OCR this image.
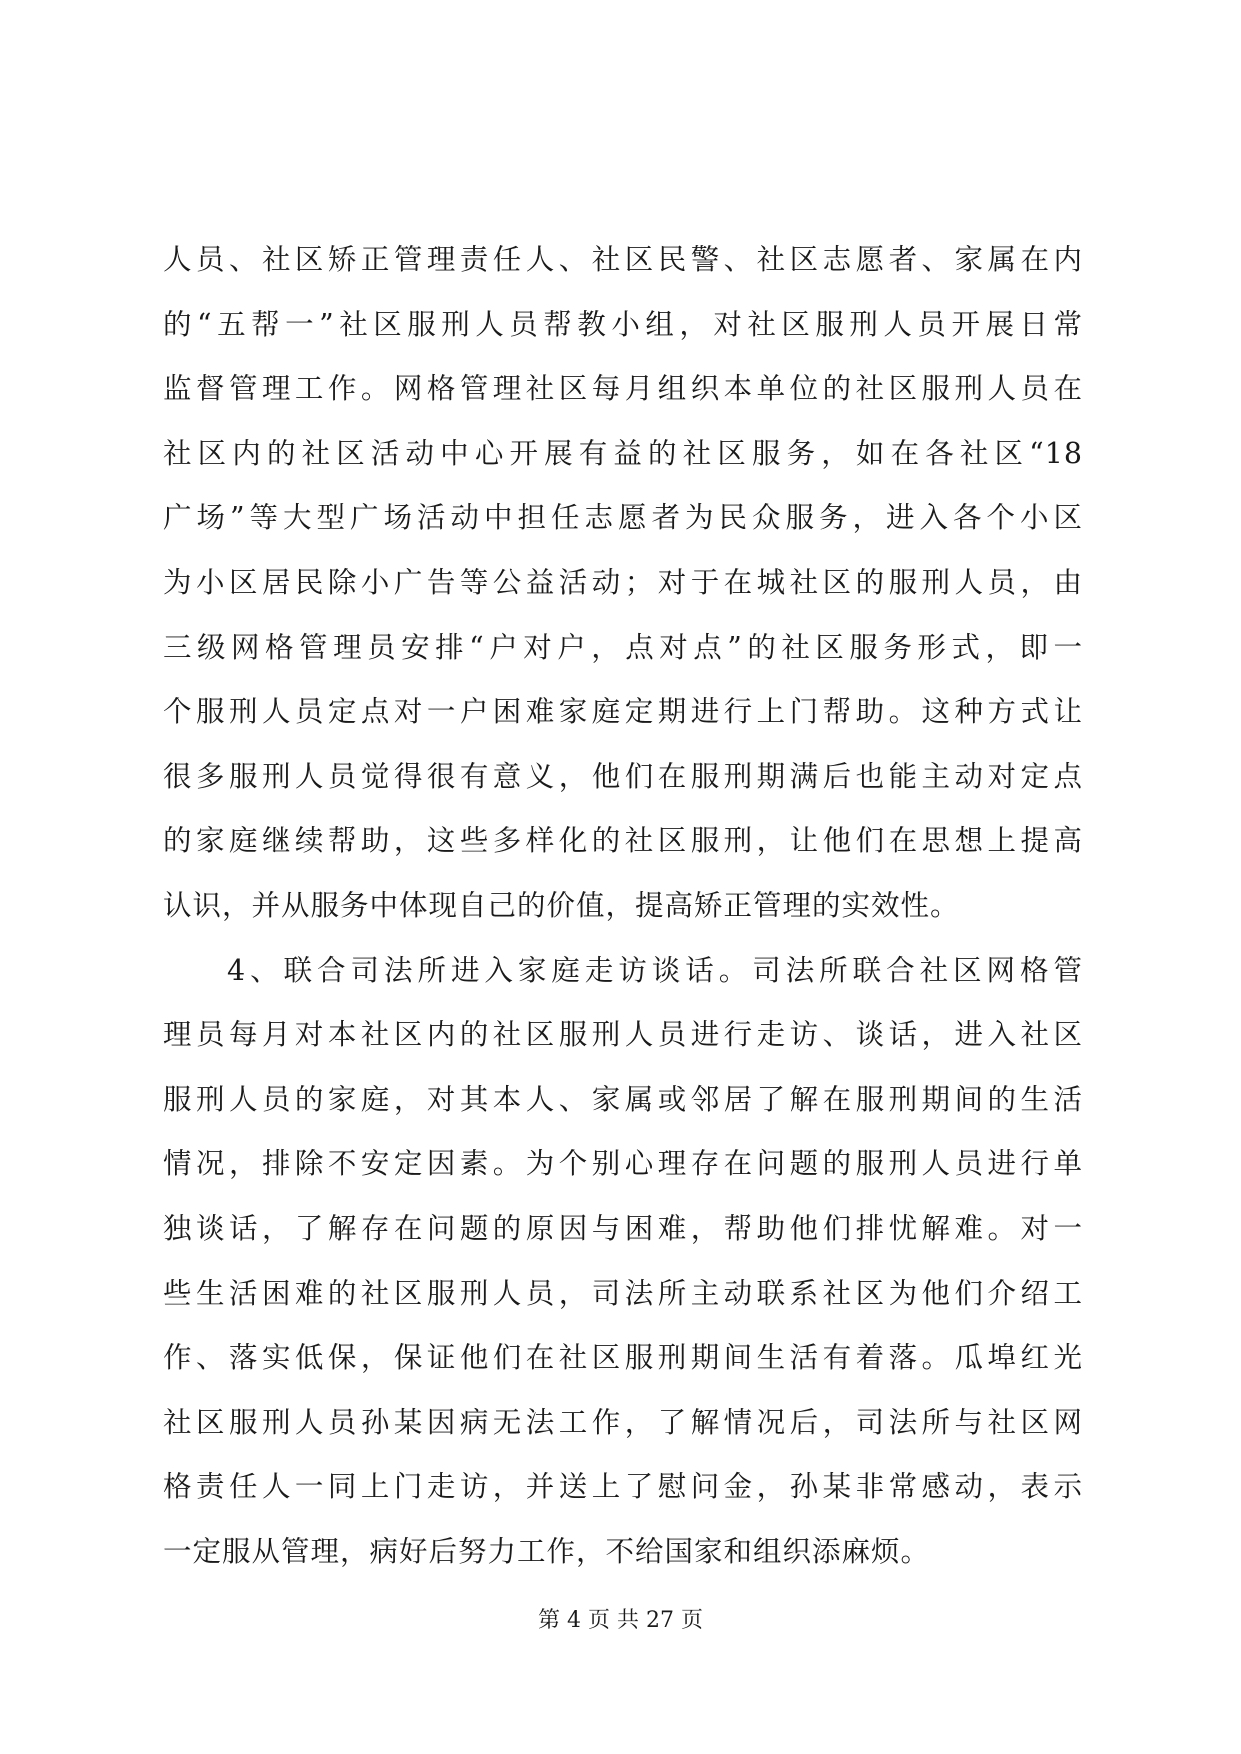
人员、社区矫正管理责任人、社区民警、社区志愿者、家属在内
的“五帮一”社区服刑人员帮教小组，对社区服刑人员开展日常
监督管理工作。网格管理社区每月组织本单位的社区服刑人员在
社区内的社区活动中心开展有益的社区服务，如在各社区“18
广场”等大型广场活动中担任志愿者为民众服务，进入各个小区
为小区居民除小广告等公益活动；对于在城社区的服刑人员，由
三级网格管理员安排“户对户，点对点”的社区服务形式，即一
个服刑人员定点对一户困难家庭定期进行上门帮助。这种方式让
很多服刑人员觉得很有意义，他们在服刑期满后也能主动对定点
的家庭继续帮助，这些多样化的社区服刑，让他们在思想上提高
认识，并从服务中体现自己的价值，提高矫正管理的实效性。
4、联合司法所进入家庭走访谈话。司法所联合社区网格管
理员每月对本社区内的社区服刑人员进行走访、谈话，进入社区
服刑人员的家庭，对其本人、家属或邻居了解在服刑期间的生活
情况，排除不安定因素。为个别心理存在问题的服刑人员进行单
独谈话，了解存在问题的原因与困难，帮助他们排忧解难。对一
些生活困难的社区服刑人员，司法所主动联系社区为他们介绍工
作、落实低保，保证他们在社区服刑期间生活有着落。瓜埠红光
社区服刑人员孙某因病无法工作，了解情况后，司法所与社区网
格责任人一同上门走访，并送上了慰问金，孙某非常感动，表示
一定服从管理，病好后努力工作，不给国家和组织添麻烦。
第 4 页 共 27 页
